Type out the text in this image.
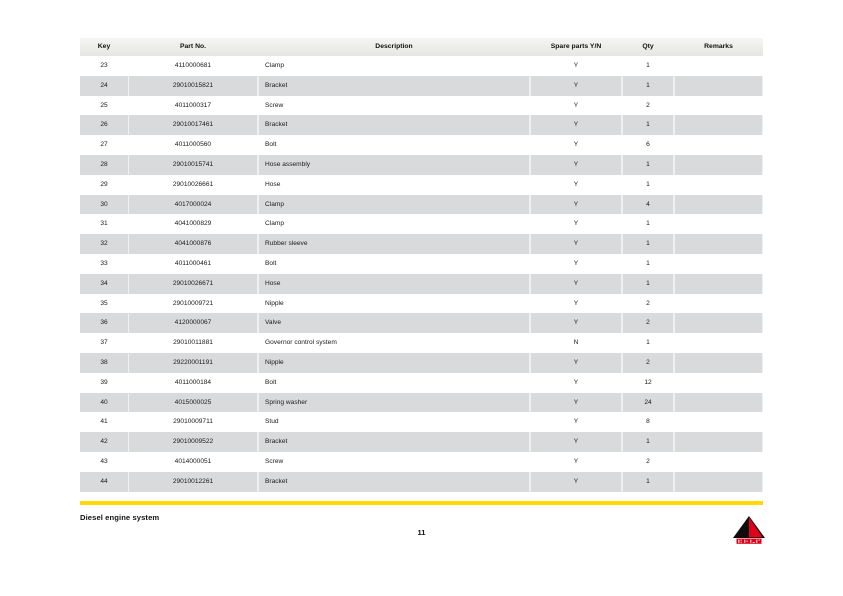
Key	Part No.	Description	Spare parts Y/N	Qty	Remarks
23	4110000681	Clamp	Y	1	
24	29010015821	Bracket	Y	1	
25	4011000317	Screw	Y	2	
26	29010017461	Bracket	Y	1	
27	4011000560	Bolt	Y	6	
28	29010015741	Hose assembly	Y	1	
29	29010026661	Hose	Y	1	
30	4017000024	Clamp	Y	4	
31	4041000829	Clamp	Y	1	
32	4041000876	Rubber sleeve	Y	1	
33	4011000461	Bolt	Y	1	
34	29010026671	Hose	Y	1	
35	29010009721	Nipple	Y	2	
36	4120000067	Valve	Y	2	
37	29010011881	Governor control system	N	1	
38	29220001191	Nipple	Y	2	
39	4011000184	Bolt	Y	12	
40	4015000025	Spring washer	Y	24	
41	29010009711	Stud	Y	8	
42	29010009522	Bracket	Y	1	
43	4014000051	Screw	Y	2	
44	29010012261	Bracket	Y	1	
Diesel engine system
11
